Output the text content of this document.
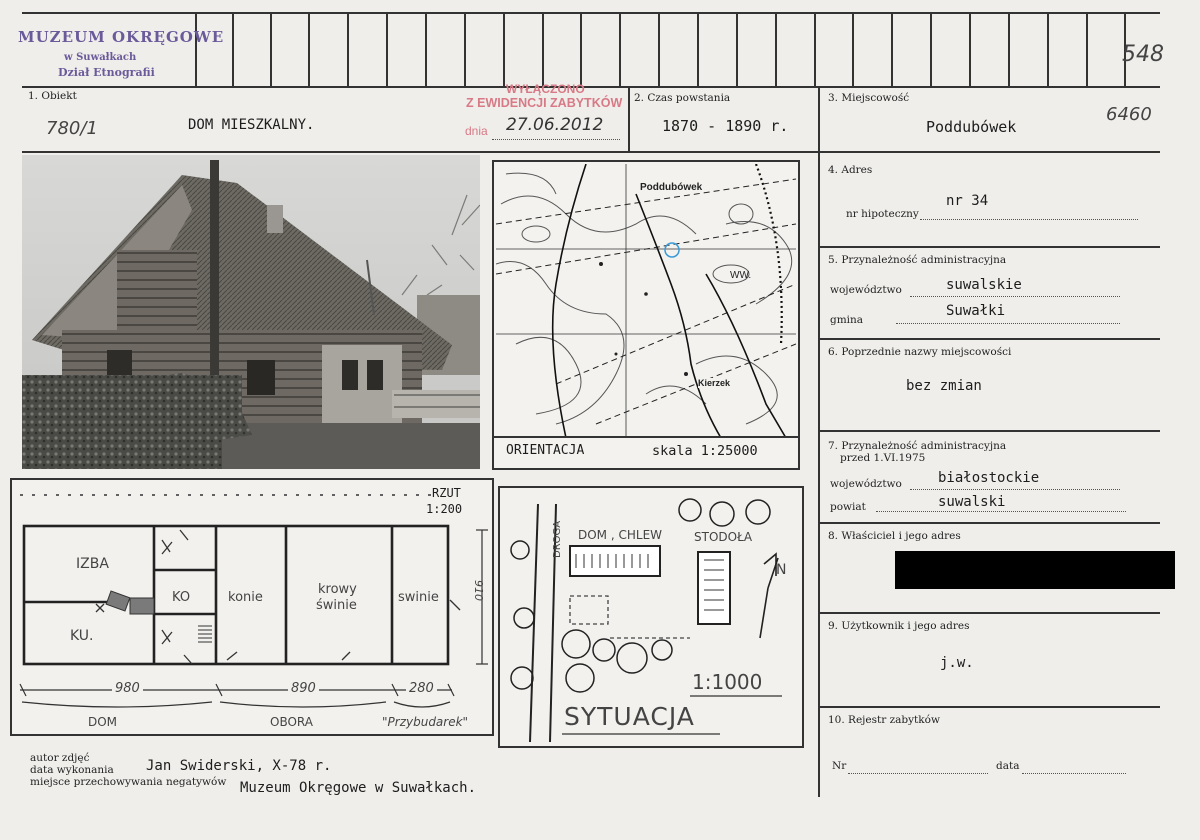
MUZEUM OKRĘGOWE
w Suwałkach
Dział Etnografii
548
1. Obiekt
780/1	DOM MIESZKALNY.
WYŁĄCZONO
Z EWIDENCJI ZABYTKÓW
dnia 27.06.2012
2. Czas powstania
1870 - 1890 r.
3. Miejscowość
Poddubówek
6460
Poddubówek
WW.
Kierzek
ORIENTACJA	skala 1:25000
4. Adres
nr hipoteczny
nr 34
5. Przynależność administracyjna
województwo	suwalskie
gmina
Suwałki
6. Poprzednie nazwy miejscowości
bez zmian
7. Przynależność administracyjna
przed 1.VI.1975
województwo	białostockie
powiat	suwalski
8. Właściciel i jego adres
9. Użytkownik i jego adres
j.w.
10. Rejestr zabytków
Nr	data
RZUT
1:200
IZBA
KO
KU.
konie
krowy
świnie
swinie
980	890	280
910
DOM	OBORA	"Przybudarek"
DOM , CHLEW	STODOŁA
DROGA
N
1:1000
SYTUACJA
autor zdjęć
data wykonania Jan Swiderski, X-78 r.
miejsce przechowywania negatywów Muzeum Okręgowe w Suwałkach.
